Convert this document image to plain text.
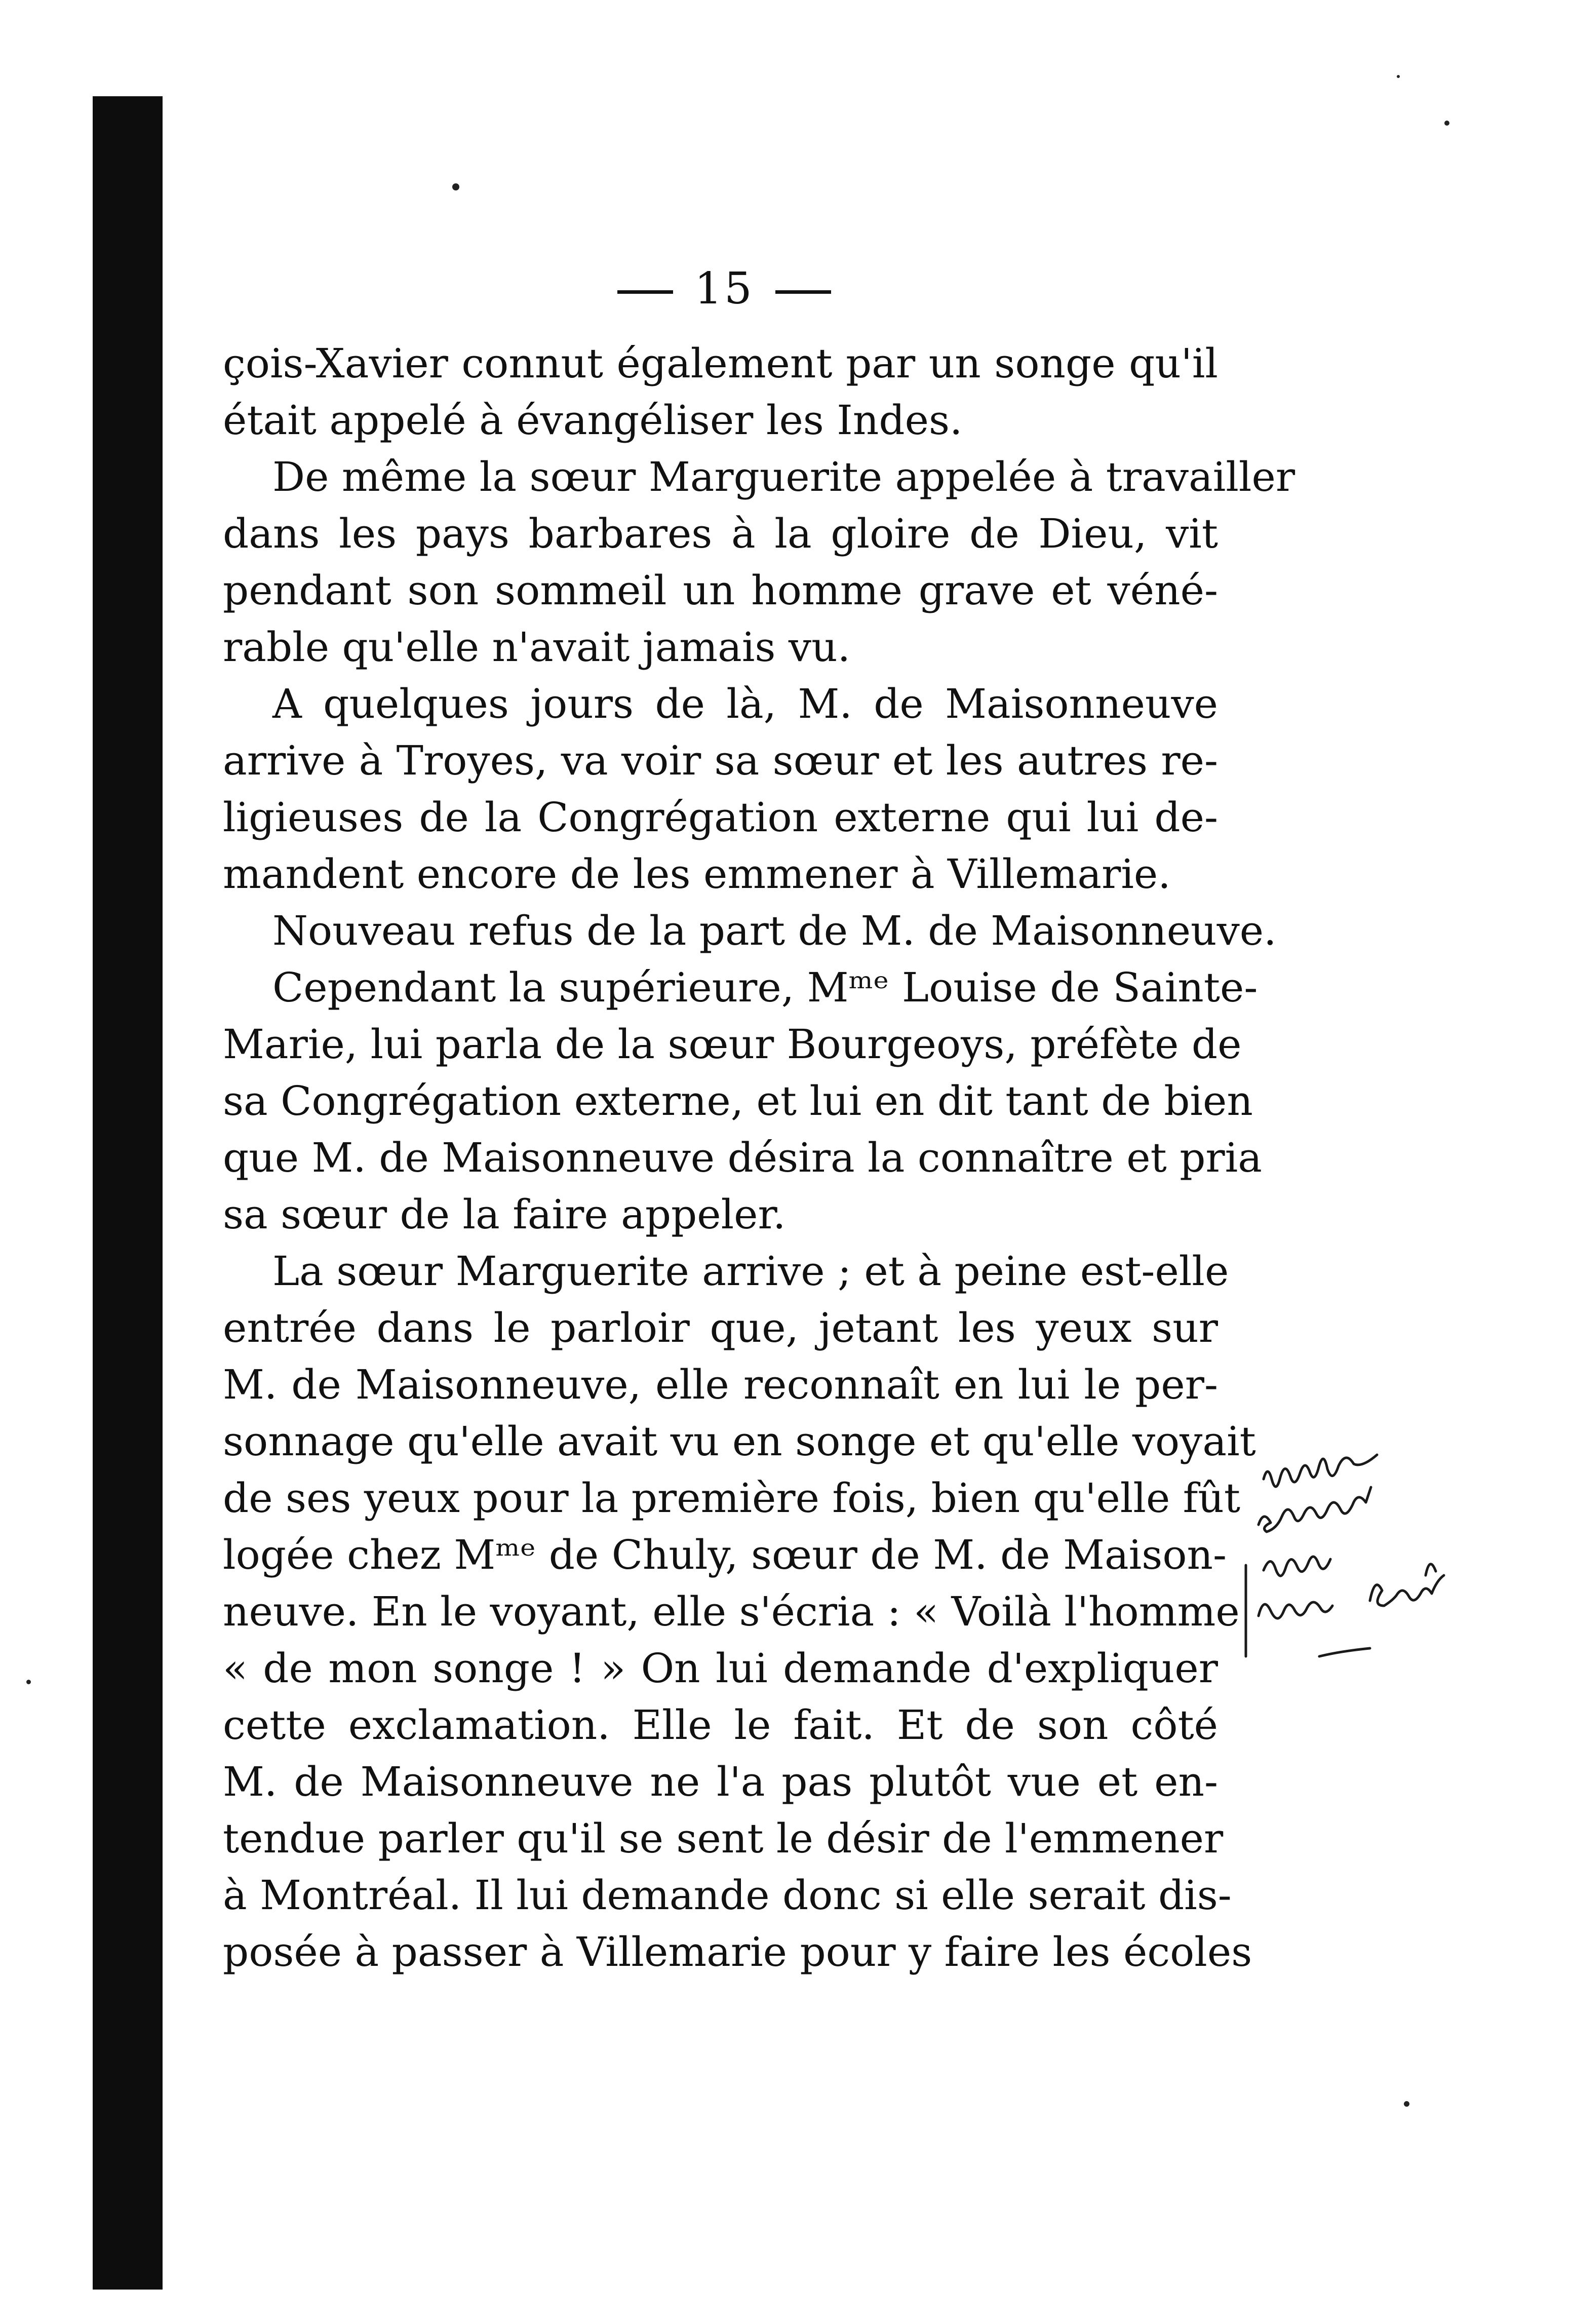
15
çois-Xavier connut également par un songe qu'il
était appelé à évangéliser les Indes.
De même la sœur Marguerite appelée à travailler
dans les pays barbares à la gloire de Dieu, vit
pendant son sommeil un homme grave et véné-
rable qu'elle n'avait jamais vu.
A quelques jours de là, M. de Maisonneuve
arrive à Troyes, va voir sa sœur et les autres re-
ligieuses de la Congrégation externe qui lui de-
mandent encore de les emmener à Villemarie.
Nouveau refus de la part de M. de Maisonneuve.
Cependant la supérieure, Mᵐᵉ Louise de Sainte-
Marie, lui parla de la sœur Bourgeoys, préfète de
sa Congrégation externe, et lui en dit tant de bien
que M. de Maisonneuve désira la connaître et pria
sa sœur de la faire appeler.
La sœur Marguerite arrive ; et à peine est-elle
entrée dans le parloir que, jetant les yeux sur
M. de Maisonneuve, elle reconnaît en lui le per-
sonnage qu'elle avait vu en songe et qu'elle voyait
de ses yeux pour la première fois, bien qu'elle fût
logée chez Mᵐᵉ de Chuly, sœur de M. de Maison-
neuve. En le voyant, elle s'écria : « Voilà l'homme
« de mon songe ! » On lui demande d'expliquer
cette exclamation. Elle le fait. Et de son côté
M. de Maisonneuve ne l'a pas plutôt vue et en-
tendue parler qu'il se sent le désir de l'emmener
à Montréal. Il lui demande donc si elle serait dis-
posée à passer à Villemarie pour y faire les écoles
